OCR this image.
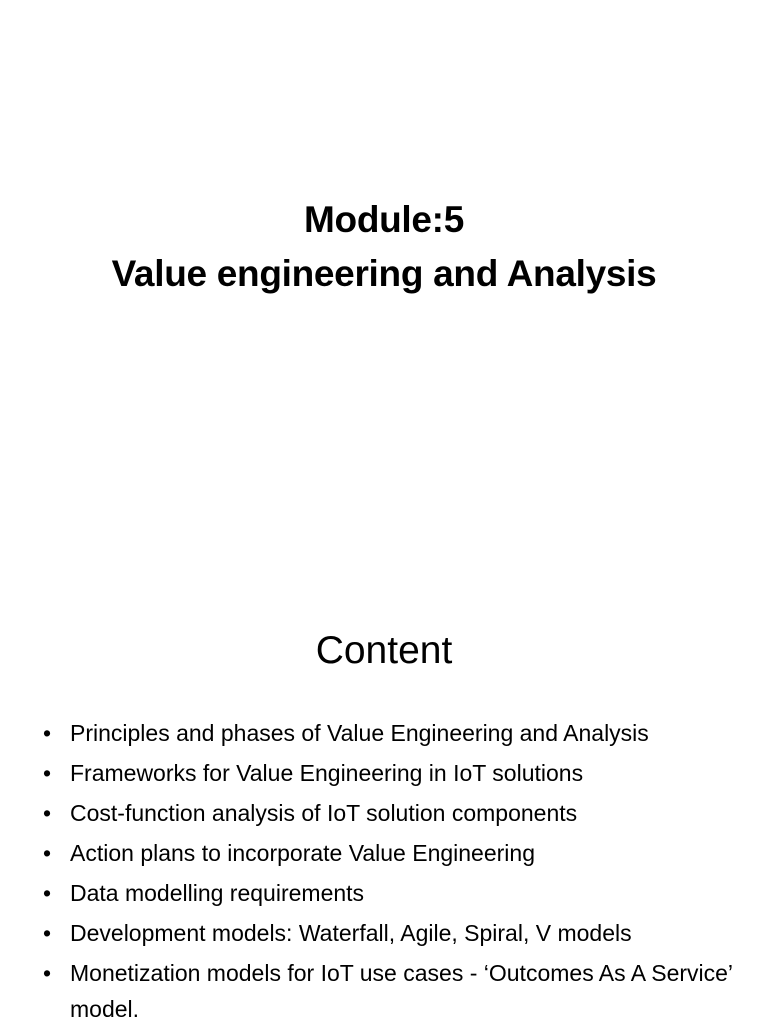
Module:5
Value engineering and Analysis
Content
• Principles and phases of Value Engineering and Analysis
• Frameworks for Value Engineering in IoT solutions
• Cost-function analysis of IoT solution components
• Action plans to incorporate Value Engineering
• Data modelling requirements
• Development models: Waterfall, Agile, Spiral, V models
• Monetization models for IoT use cases - ‘Outcomes As A Service’ model.
